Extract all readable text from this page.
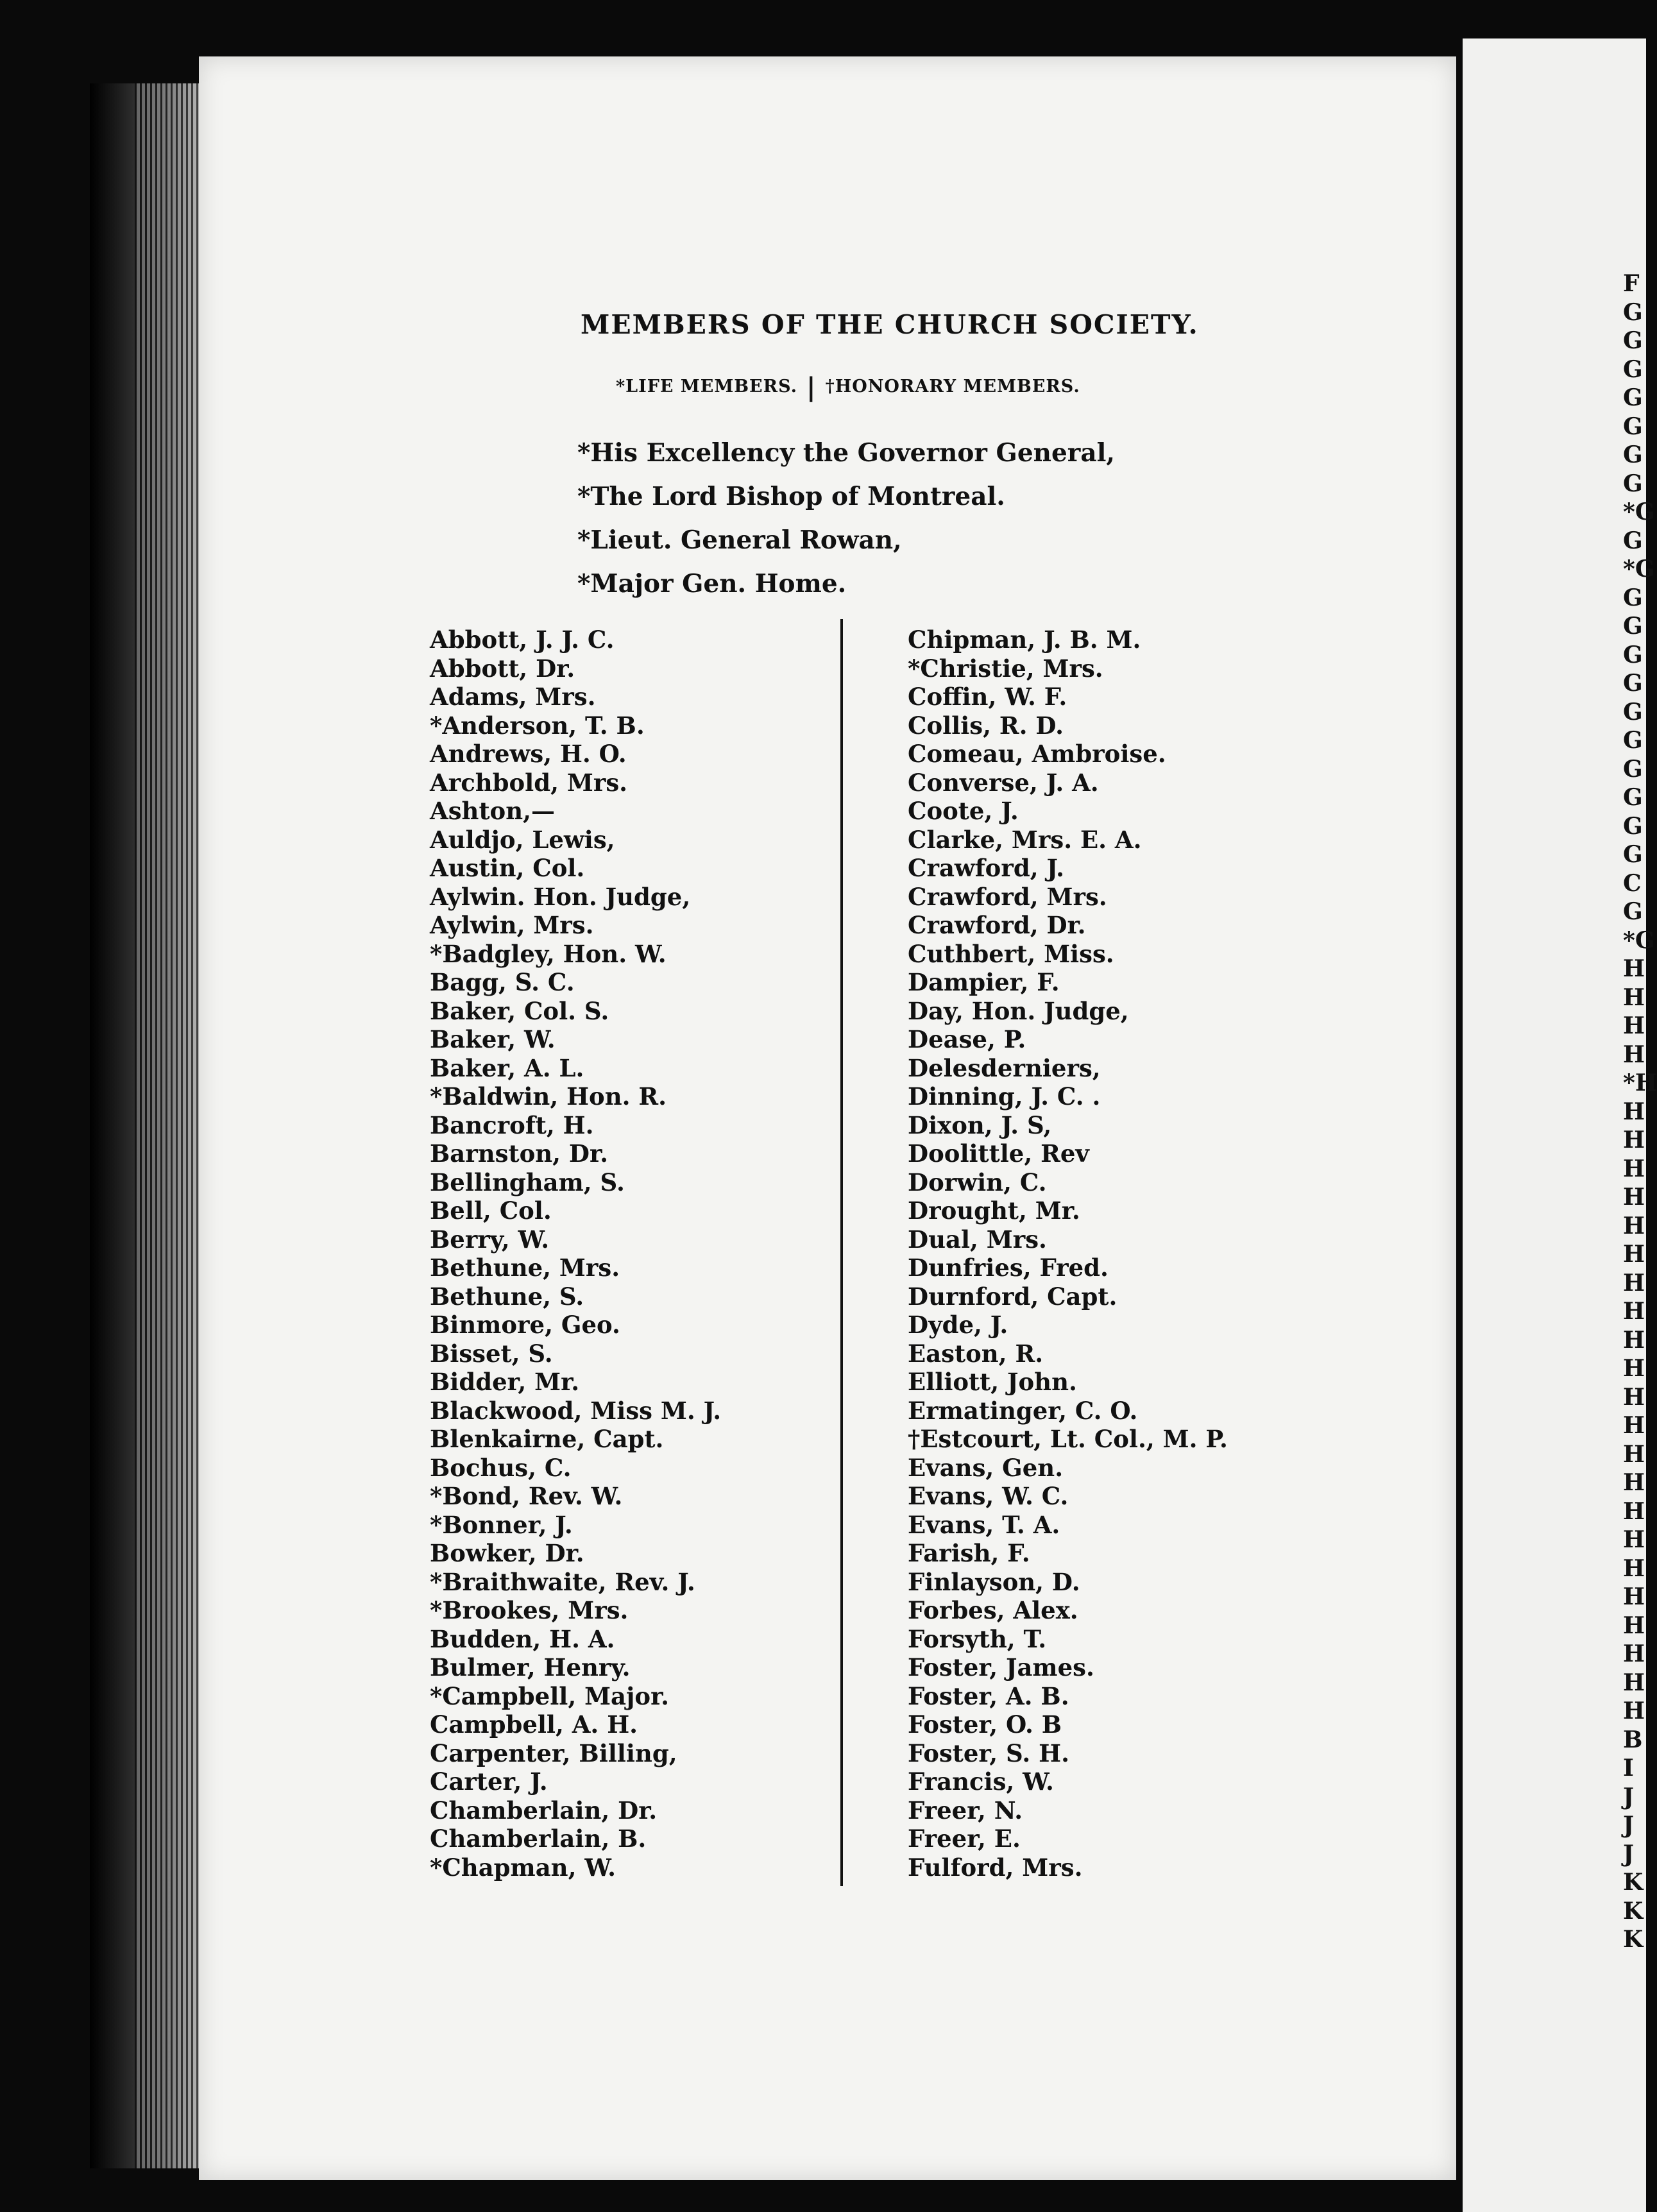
MEMBERS OF THE CHURCH SOCIETY.
*LIFE MEMBERS. | †HONORARY MEMBERS.
*His Excellency the Governor General,
*The Lord Bishop of Montreal.
*Lieut. General Rowan,
*Major Gen. Home.
Abbott, J. J. C.
Abbott, Dr.
Adams, Mrs.
*Anderson, T. B.
Andrews, H. O.
Archbold, Mrs.
Ashton,—
Auldjo, Lewis,
Austin, Col.
Aylwin. Hon. Judge,
Aylwin, Mrs.
*Badgley, Hon. W.
Bagg, S. C.
Baker, Col. S.
Baker, W.
Baker, A. L.
*Baldwin, Hon. R.
Bancroft, H.
Barnston, Dr.
Bellingham, S.
Bell, Col.
Berry, W.
Bethune, Mrs.
Bethune, S.
Binmore, Geo.
Bisset, S.
Bidder, Mr.
Blackwood, Miss M. J.
Blenkairne, Capt.
Bochus, C.
*Bond, Rev. W.
*Bonner, J.
Bowker, Dr.
*Braithwaite, Rev. J.
*Brookes, Mrs.
Budden, H. A.
Bulmer, Henry.
*Campbell, Major.
Campbell, A. H.
Carpenter, Billing,
Carter, J.
Chamberlain, Dr.
Chamberlain, B.
*Chapman, W.
Chipman, J. B. M.
*Christie, Mrs.
Coffin, W. F.
Collis, R. D.
Comeau, Ambroise.
Converse, J. A.
Coote, J.
Clarke, Mrs. E. A.
Crawford, J.
Crawford, Mrs.
Crawford, Dr.
Cuthbert, Miss.
Dampier, F.
Day, Hon. Judge,
Dease, P.
Delesderniers,
Dinning, J. C. .
Dixon, J. S,
Doolittle, Rev
Dorwin, C.
Drought, Mr.
Dual, Mrs.
Dunfries, Fred.
Durnford, Capt.
Dyde, J.
Easton, R.
Elliott, John.
Ermatinger, C. O.
†Estcourt, Lt. Col., M. P.
Evans, Gen.
Evans, W. C.
Evans, T. A.
Farish, F.
Finlayson, D.
Forbes, Alex.
Forsyth, T.
Foster, James.
Foster, A. B.
Foster, O. B
Foster, S. H.
Francis, W.
Freer, N.
Freer, E.
Fulford, Mrs.
F
G
G
G
G
G
G
G
*G
G
*G
G
G
G
G
G
G
G
G
G
G
C
G
*G
H
H
H
H
*H
H
H
H
H
H
H
H
H
H
H
H
H
H
H
H
H
H
H
H
H
H
H
B
I
J
J
J
K
K
K
